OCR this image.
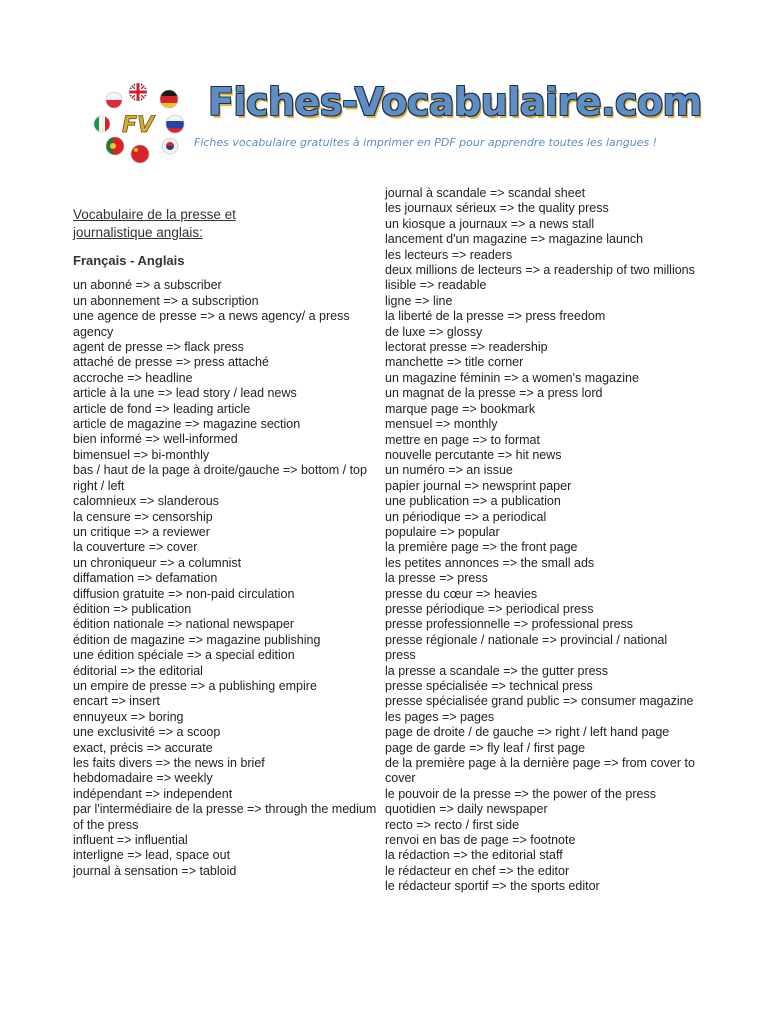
FV
Fiches-Vocabulaire.com
Fiches vocabulaire gratuites à imprimer en PDF pour apprendre toutes les langues !
Vocabulaire de la presse et journalistique anglais:
Français - Anglais
un abonné => a subscriber
un abonnement => a subscription
une agence de presse => a news agency/ a press agency
agent de presse => flack press
attaché de presse => press attaché
accroche => headline
article à la une => lead story / lead news
article de fond => leading article
article de magazine => magazine section
bien informé => well-informed
bimensuel => bi-monthly
bas / haut de la page à droite/gauche => bottom / top right / left
calomnieux => slanderous
la censure => censorship
un critique => a reviewer
la couverture => cover
un chroniqueur => a columnist
diffamation => defamation
diffusion gratuite => non-paid circulation
édition => publication
édition nationale => national newspaper
édition de magazine => magazine publishing
une édition spéciale => a special edition
éditorial => the editorial
un empire de presse => a publishing empire
encart => insert
ennuyeux => boring
une exclusivité => a scoop
exact, précis => accurate
les faits divers => the news in brief
hebdomadaire => weekly
indépendant => independent
par l'intermédiaire de la presse => through the medium of the press
influent => influential
interligne => lead, space out
journal à sensation => tabloid
journal à scandale => scandal sheet
les journaux sérieux => the quality press
un kiosque a journaux => a news stall
lancement d'un magazine => magazine launch
les lecteurs => readers
deux millions de lecteurs => a readership of two millions
lisible => readable
ligne => line
la liberté de la presse => press freedom
de luxe => glossy
lectorat presse => readership
manchette => title corner
un magazine féminin => a women's magazine
un magnat de la presse => a press lord
marque page => bookmark
mensuel => monthly
mettre en page => to format
nouvelle percutante => hit news
un numéro => an issue
papier journal => newsprint paper
une publication => a publication
un périodique => a periodical
populaire => popular
la première page => the front page
les petites annonces => the small ads
la presse => press
presse du cœur => heavies
presse périodique => periodical press
presse professionnelle => professional press
presse régionale / nationale => provincial / national press
la presse a scandale => the gutter press
presse spécialisée => technical press
presse spécialisée grand public => consumer magazine
les pages => pages
page de droite / de gauche => right / left hand page
page de garde => fly leaf / first page
de la première page à la dernière page => from cover to cover
le pouvoir de la presse => the power of the press
quotidien => daily newspaper
recto => recto / first side
renvoi en bas de page => footnote
la rédaction => the editorial staff
le rédacteur en chef => the editor
le rédacteur sportif => the sports editor
